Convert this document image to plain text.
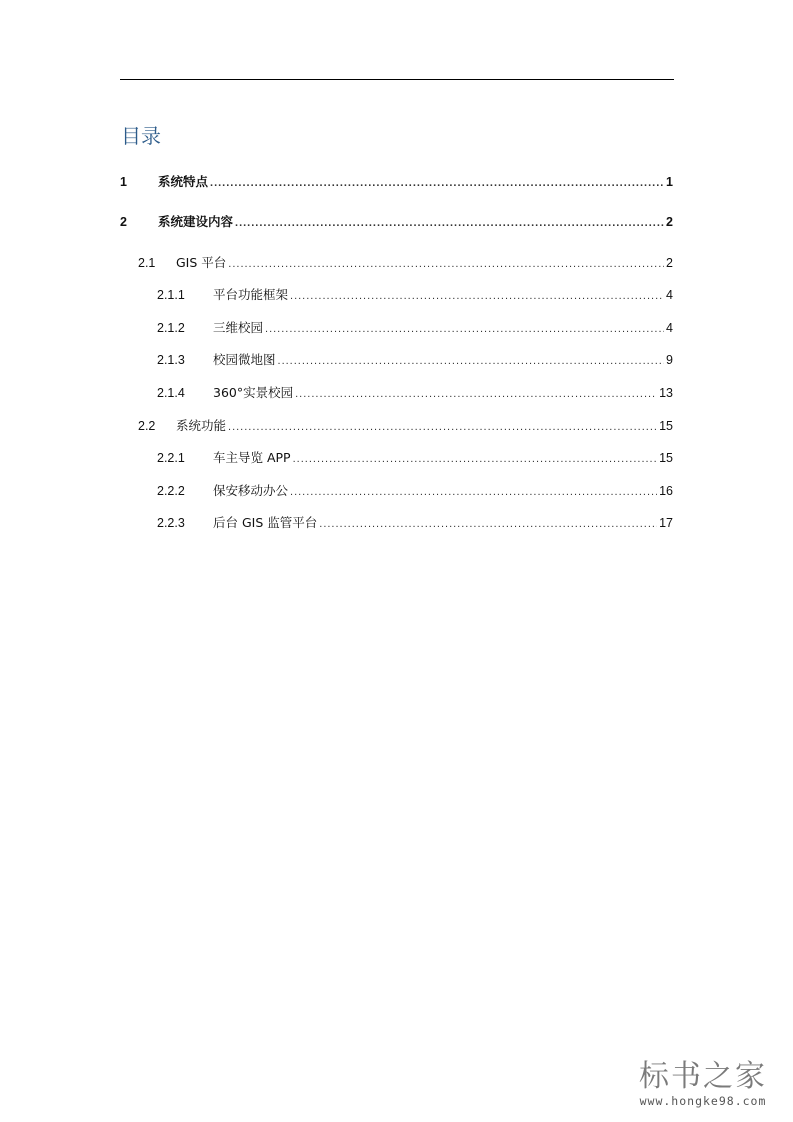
目录
1	系统特点 .....	1
2	系统建设内容 .....	2
2.1	GIS 平台 .....	2
2.1.1	平台功能框架 .....	4
2.1.2	三维校园 .....	4
2.1.3	校园微地图 .....	9
2.1.4	360°实景校园 .....	13
2.2	系统功能 .....	15
2.2.1	车主导览 APP .....	15
2.2.2	保安移动办公 .....	16
2.2.3	后台 GIS 监管平台 .....	17
标书之家
www.hongke98.com
